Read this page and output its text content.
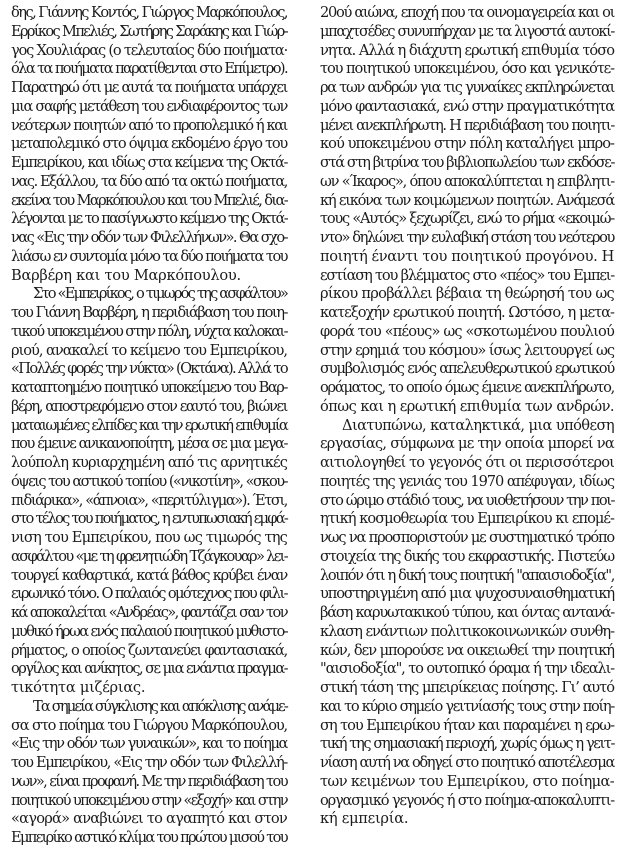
δης, Γιάννης Κοντός, Γιώργος Μαρκόπουλος,
Ερρίκος Μπελιές, Σωτήρης Σαράκης και Γιώρ-
γος Χουλιάρας (ο τελευταίος δύο ποιήματα·
όλα τα ποιήματα παρατίθενται στο Επίμετρο).
Παρατηρώ ότι με αυτά τα ποιήματα υπάρχει
μια σαφής μετάθεση του ενδιαφέροντος των
νεότερων ποιητών από το προπολεμικό ή και
μεταπολεμικό στο όψιμα εκδομένο έργο του
Εμπειρίκου, και ιδίως στα κείμενα της Οκτά-
νας. Εξάλλου, τα δύο από τα οκτώ ποιήματα,
εκείνα του Μαρκόπουλου και του Μπελιέ, δια-
λέγονται με το πασίγνωστο κείμενο της Οκτά-
νας «Εις την οδόν των Φιλελλήνων». Θα σχο-
λιάσω εν συντομία μόνο τα δύο ποιήματα του
Βαρβέρη και του Μαρκόπουλου.
Στο «Εμπειρίκος, ο τιμωρός της ασφάλτου»
του Γιάννη Βαρβέρη, η περιδιάβαση του ποιη-
τικού υποκειμένου στην πόλη, νύχτα καλοκαι-
ριού, ανακαλεί το κείμενο του Εμπειρίκου,
«Πολλές φορές την νύκτα» (Οκτάνα). Αλλά το
καταπτοημένο ποιητικό υποκείμενο του Βαρ-
βέρη, αποστρεφόμενο στον εαυτό του, βιώνει
ματαιωμένες ελπίδες και την ερωτική επιθυμία
που έμεινε ανικανοποίητη, μέσα σε μια μεγα-
λούπολη κυριαρχημένη από τις αρνητικές
όψεις του αστικού τοπίου («νικοτίνη», «σκου-
πιδιάρικα», «άπνοια», «περιτύλιγμα»). Έτσι,
στο τέλος του ποιήματος, η εντυπωσιακή εμφά-
νιση του Εμπειρίκου, που ως τιμωρός της
ασφάλτου «με τη φρενητιώδη Τζάγκουαρ» λει-
τουργεί καθαρτικά, κατά βάθος κρύβει έναν
ειρωνικό τόνο. Ο παλαιός ομότεχνος που φιλι-
κά αποκαλείται «Ανδρέας», φαντάζει σαν τον
μυθικό ήρωα ενός παλαιού ποιητικού μυθιστο-
ρήματος, ο οποίος ζωντανεύει φαντασιακά,
οργίλος και ανίκητος, σε μια ενάντια πραγμα-
τικότητα μιζέριας.
Τα σημεία σύγκλισης και απόκλισης ανάμε-
σα στο ποίημα του Γιώργου Μαρκόπουλου,
«Εις την οδόν των γυναικών», και το ποίημα
του Εμπειρίκου, «Εις την οδόν των Φιλελλή-
νων», είναι προφανή. Με την περιδιάβαση του
ποιητικού υποκειμένου στην «εξοχή» και στην
«αγορά» αναβιώνει το αγαπητό και στον
Εμπειρίκο αστικό κλίμα του πρώτου μισού του
20ού αιώνα, εποχή που τα οινομαγειρεία και οι
μπαχτσέδες συνυπήρχαν με τα λιγοστά αυτοκί-
νητα. Αλλά η διάχυτη ερωτική επιθυμία τόσο
του ποιητικού υποκειμένου, όσο και γενικότε-
ρα των ανδρών για τις γυναίκες εκπληρώνεται
μόνο φαντασιακά, ενώ στην πραγματικότητα
μένει ανεκπλήρωτη. Η περιδιάβαση του ποιητι-
κού υποκειμένου στην πόλη καταλήγει μπρο-
στά στη βιτρίνα του βιβλιοπωλείου των εκδόσε-
ων «Ίκαρος», όπου αποκαλύπτεται η επιβλητι-
κή εικόνα των κοιμώμενων ποιητών. Ανάμεσά
τους «Αυτός» ξεχωρίζει, ενώ το ρήμα «εκοιμώ-
ντο» δηλώνει την ευλαβική στάση του νεότερου
ποιητή έναντι του ποιητικού προγόνου. Η
εστίαση του βλέμματος στο «πέος» του Εμπει-
ρίκου προβάλλει βέβαια τη θεώρησή του ως
κατεξοχήν ερωτικού ποιητή. Ωστόσο, η μετα-
φορά του «πέους» ως «σκοτωμένου πουλιού
στην ερημιά του κόσμου» ίσως λειτουργεί ως
συμβολισμός ενός απελευθερωτικού ερωτικού
οράματος, το οποίο όμως έμεινε ανεκπλήρωτο,
όπως και η ερωτική επιθυμία των ανδρών.
Διατυπώνω, καταληκτικά, μια υπόθεση
εργασίας, σύμφωνα με την οποία μπορεί να
αιτιολογηθεί το γεγονός ότι οι περισσότεροι
ποιητές της γενιάς του 1970 απέφυγαν, ιδίως
στο ώριμο στάδιό τους, να υιοθετήσουν την ποι-
ητική κοσμοθεωρία του Εμπειρίκου κι επομέ-
νως να προσποριστούν με συστηματικό τρόπο
στοιχεία της δικής του εκφραστικής. Πιστεύω
λοιπόν ότι η δική τους ποιητική "απαισιοδοξία",
υποστηριγμένη από μια ψυχοσυναισθηματική
βάση καρυωτακικού τύπου, και όντας αντανά-
κλαση ενάντιων πολιτικοκοινωνικών συνθη-
κών, δεν μπορούσε να οικειωθεί την ποιητική
"αισιοδοξία", το ουτοπικό όραμα ή την ιδεαλι-
στική τάση της μπειρίκειας ποίησης. Γι’ αυτό
και το κύριο σημείο γειτνίασής τους στην ποίη-
ση του Εμπειρίκου ήταν και παραμένει η ερω-
τική της σημασιακή περιοχή, χωρίς όμως η γειτ-
νίαση αυτή να οδηγεί στο ποιητικό αποτέλεσμα
των κειμένων του Εμπειρίκου, στο ποίημα-
οργασμικό γεγονός ή στο ποίημα-αποκαλυπτι-
κή εμπειρία.
